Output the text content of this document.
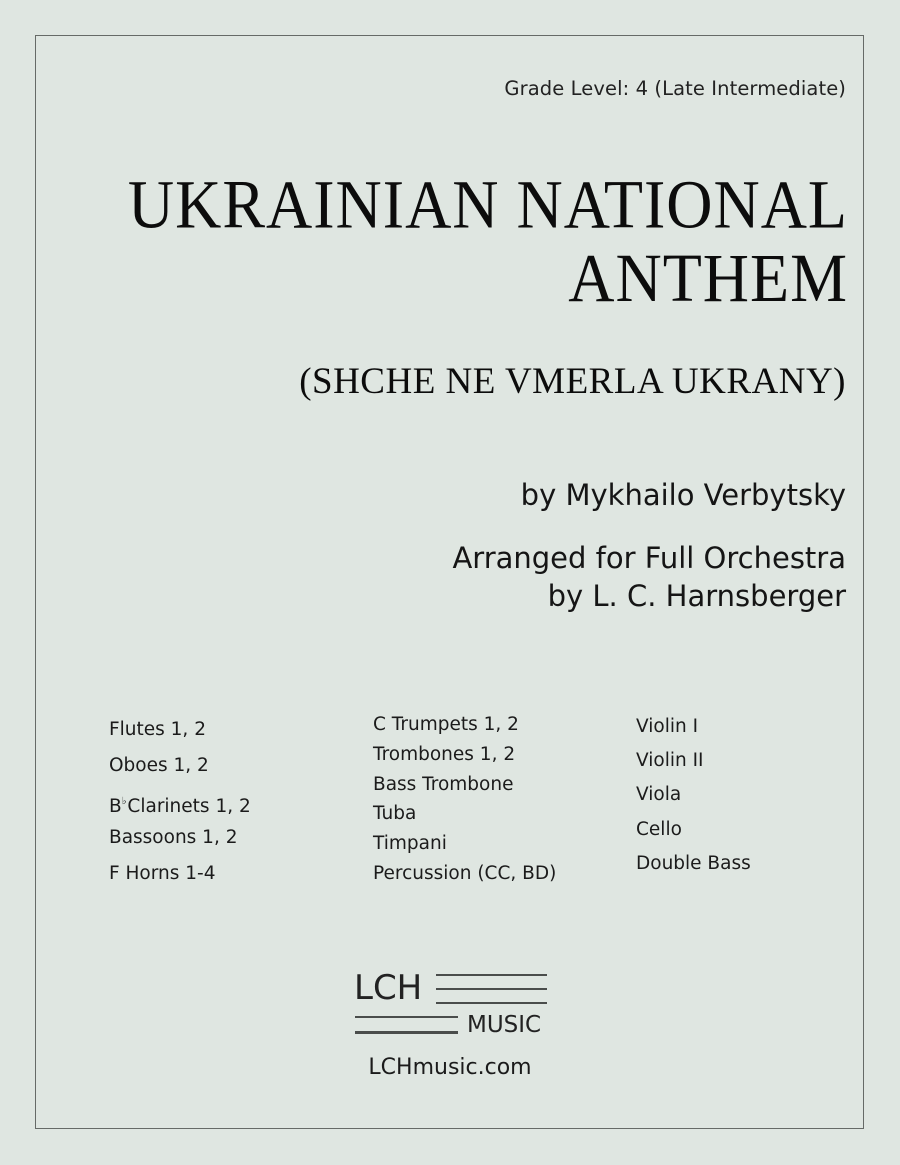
Grade Level: 4 (Late Intermediate)
UKRAINIAN NATIONAL
ANTHEM
(SHCHE NE VMERLA UKRANY)
by Mykhailo Verbytsky
Arranged for Full Orchestra
by L. C. Harnsberger
Flutes 1, 2
Oboes 1, 2
B♭Clarinets 1, 2
Bassoons 1, 2
F Horns 1-4
C Trumpets 1, 2
Trombones 1, 2
Bass Trombone
Tuba
Timpani
Percussion (CC, BD)
Violin I
Violin II
Viola
Cello
Double Bass
LCH
MUSIC
LCHmusic.com
